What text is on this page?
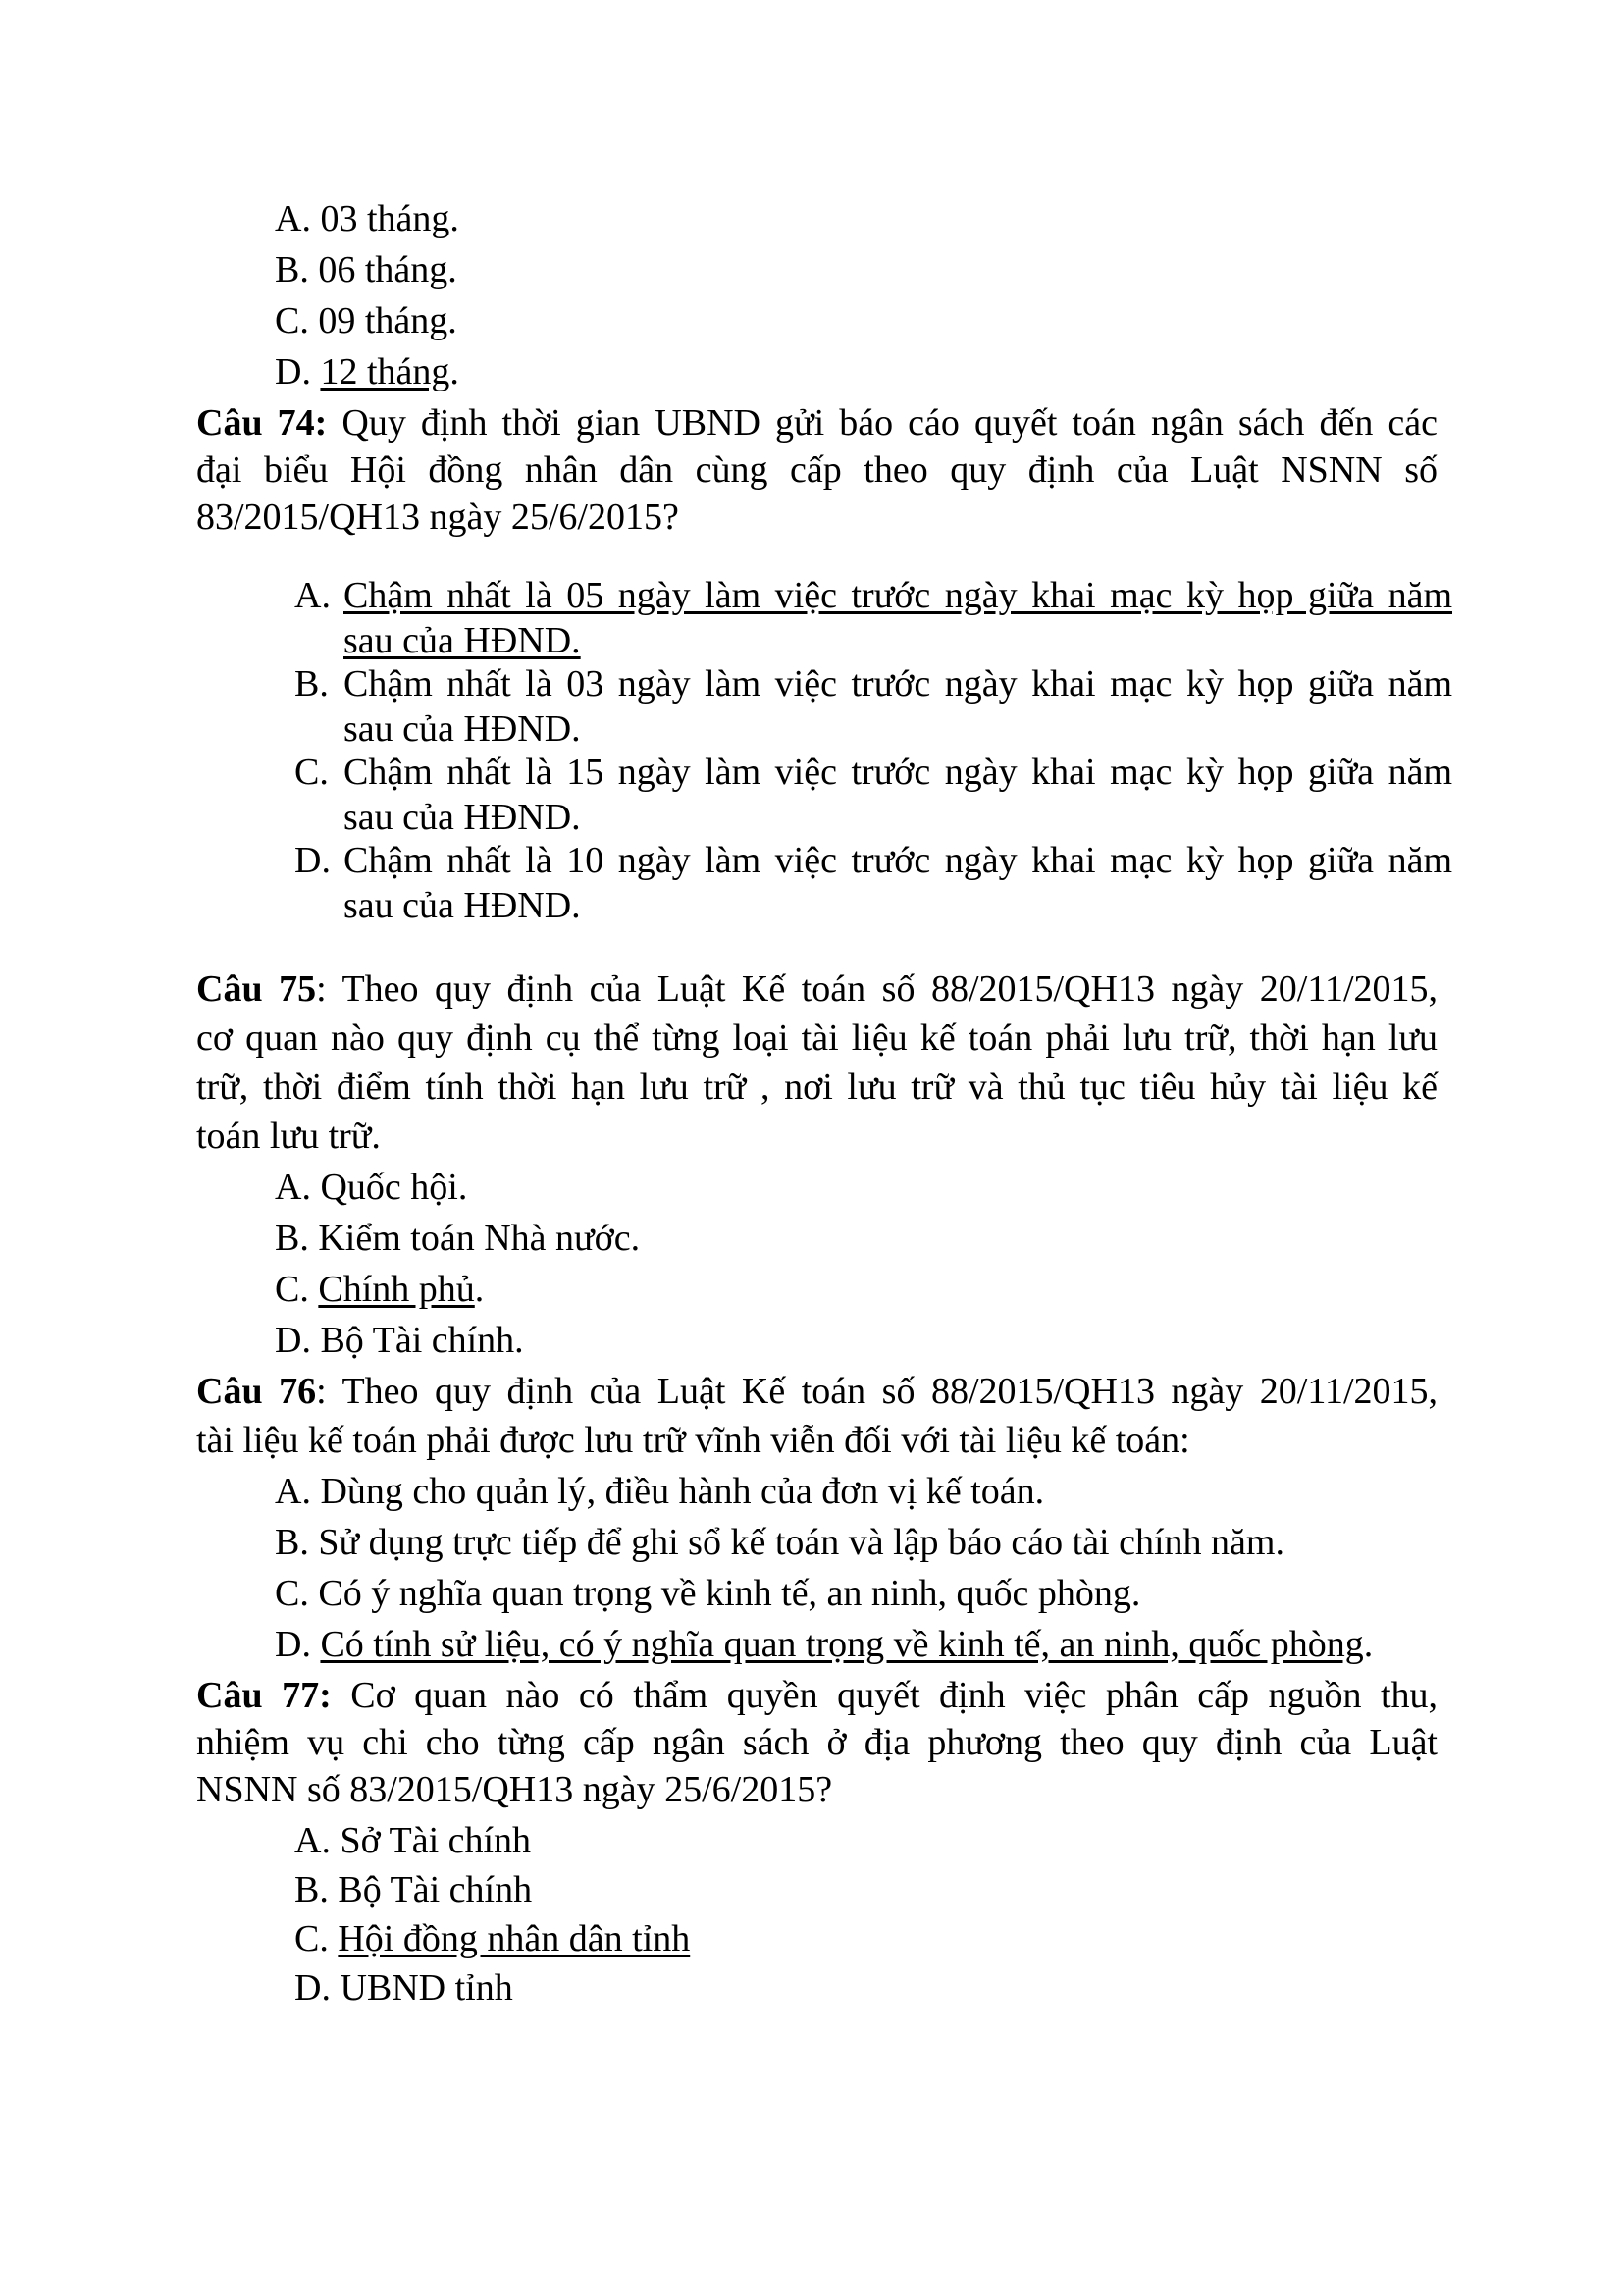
A. 03 tháng.
B. 06 tháng.
C. 09 tháng.
D. 12 tháng.
Câu 74: Quy định thời gian UBND gửi báo cáo quyết toán ngân sách đến các
đại biểu Hội đồng nhân dân cùng cấp theo quy định của Luật NSNN số
83/2015/QH13 ngày 25/6/2015?
A. Chậm nhất là 05 ngày làm việc trước ngày khai mạc kỳ họp giữa năm
sau của HĐND.
B. Chậm nhất là 03 ngày làm việc trước ngày khai mạc kỳ họp giữa năm
sau của HĐND.
C. Chậm nhất là 15 ngày làm việc trước ngày khai mạc kỳ họp giữa năm
sau của HĐND.
D. Chậm nhất là 10 ngày làm việc trước ngày khai mạc kỳ họp giữa năm
sau của HĐND.
Câu 75: Theo quy định của Luật Kế toán số 88/2015/QH13 ngày 20/11/2015,
cơ quan nào quy định cụ thể từng loại tài liệu kế toán phải lưu trữ, thời hạn lưu
trữ, thời điểm tính thời hạn lưu trữ , nơi lưu trữ và thủ tục tiêu hủy tài liệu kế
toán lưu trữ.
A. Quốc hội.
B. Kiểm toán Nhà nước.
C. Chính phủ.
D. Bộ Tài chính.
Câu 76: Theo quy định của Luật Kế toán số 88/2015/QH13 ngày 20/11/2015,
tài liệu kế toán phải được lưu trữ vĩnh viễn đối với tài liệu kế toán:
A. Dùng cho quản lý, điều hành của đơn vị kế toán.
B. Sử dụng trực tiếp để ghi sổ kế toán và lập báo cáo tài chính năm.
C. Có ý nghĩa quan trọng về kinh tế, an ninh, quốc phòng.
D. Có tính sử liệu, có ý nghĩa quan trọng về kinh tế, an ninh, quốc phòng.
Câu 77: Cơ quan nào có thẩm quyền quyết định việc phân cấp nguồn thu,
nhiệm vụ chi cho từng cấp ngân sách ở địa phương theo quy định của Luật
NSNN số 83/2015/QH13 ngày 25/6/2015?
A. Sở Tài chính
B. Bộ Tài chính
C. Hội đồng nhân dân tỉnh
D. UBND tỉnh
